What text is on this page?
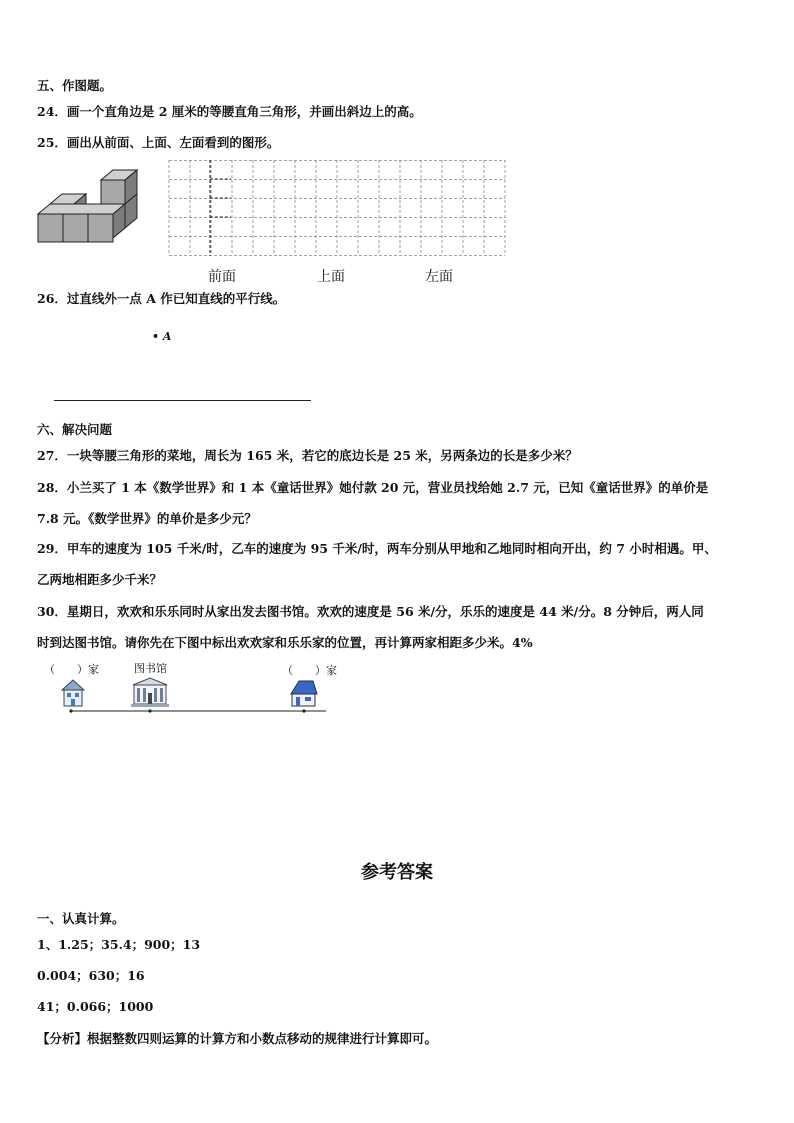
五、作图题。
24．画一个直角边是 2 厘米的等腰直角三角形，并画出斜边上的高。
25．画出从前面、上面、左面看到的图形。
前面	上面	左面
26．过直线外一点 A 作已知直线的平行线。
• A
六、解决问题
27．一块等腰三角形的菜地，周长为 165 米，若它的底边长是 25 米，另两条边的长是多少米？
28．小兰买了 1 本《数学世界》和 1 本《童话世界》她付款 20 元，营业员找给她 2.7 元，已知《童话世界》的单价是
7.8 元。《数学世界》的单价是多少元？
29．甲车的速度为 105 千米/时，乙车的速度为 95 千米/时，两车分别从甲地和乙地同时相向开出，约 7 小时相遇。甲、
乙两地相距多少千米？
30．星期日，欢欢和乐乐同时从家出发去图书馆。欢欢的速度是 56 米/分，乐乐的速度是 44 米/分。8 分钟后，两人同
时到达图书馆。请你先在下图中标出欢欢家和乐乐家的位置，再计算两家相距多少米。4%
（　　）家	图书馆	（　　）家
参考答案
一、认真计算。
1、1.25；35.4；900；13
0.004；630；16
41；0.066；1000
【分析】根据整数四则运算的计算方和小数点移动的规律进行计算即可。
